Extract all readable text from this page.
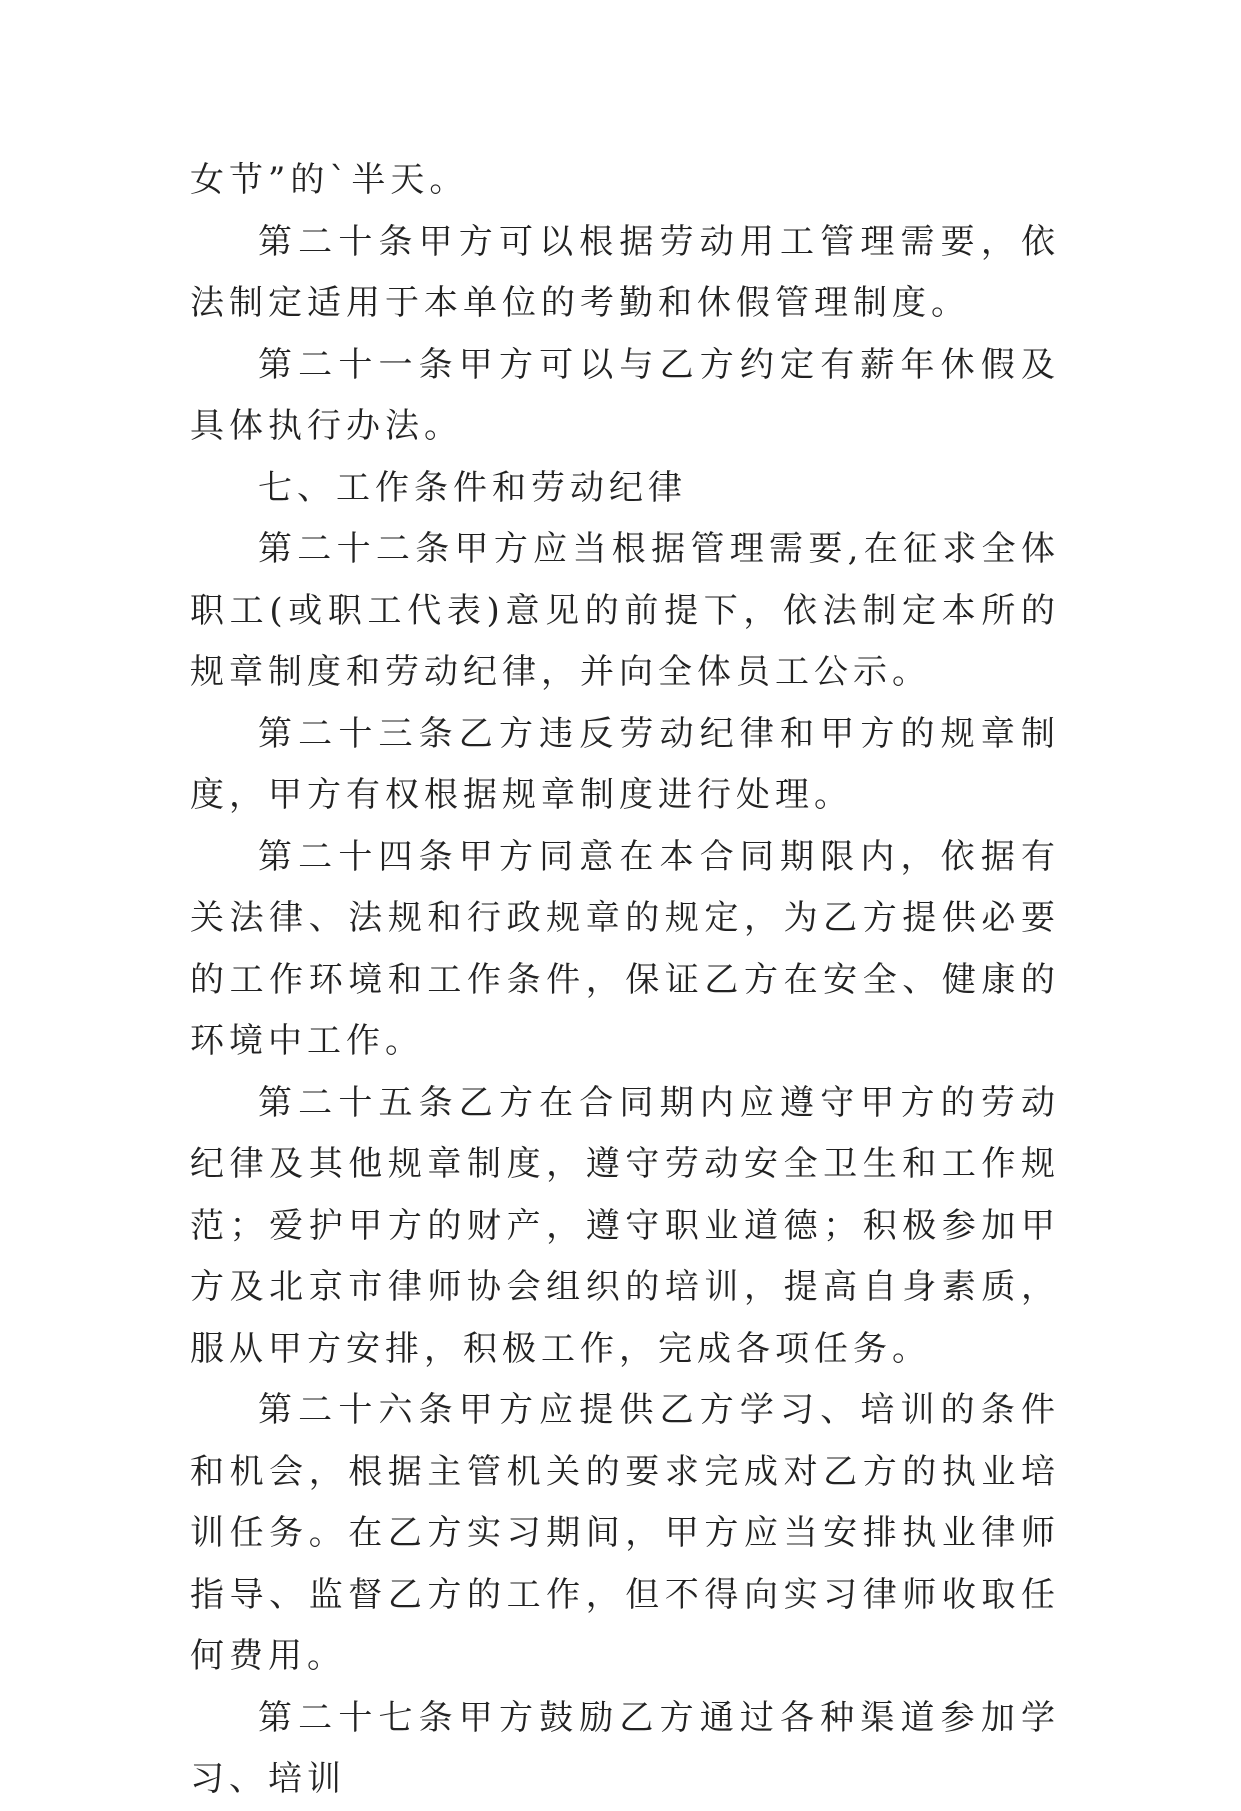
女节”的`半天。

第二十条甲方可以根据劳动用工管理需要，依法制定适用于本单位的考勤和休假管理制度。

第二十一条甲方可以与乙方约定有薪年休假及具体执行办法。

七、工作条件和劳动纪律

第二十二条甲方应当根据管理需要,在征求全体职工(或职工代表)意见的前提下，依法制定本所的规章制度和劳动纪律，并向全体员工公示。

第二十三条乙方违反劳动纪律和甲方的规章制度，甲方有权根据规章制度进行处理。

第二十四条甲方同意在本合同期限内，依据有关法律、法规和行政规章的规定，为乙方提供必要的工作环境和工作条件，保证乙方在安全、健康的环境中工作。

第二十五条乙方在合同期内应遵守甲方的劳动纪律及其他规章制度，遵守劳动安全卫生和工作规范；爱护甲方的财产，遵守职业道德；积极参加甲方及北京市律师协会组织的培训，提高自身素质，服从甲方安排，积极工作，完成各项任务。

第二十六条甲方应提供乙方学习、培训的条件和机会，根据主管机关的要求完成对乙方的执业培训任务。在乙方实习期间，甲方应当安排执业律师指导、监督乙方的工作，但不得向实习律师收取任何费用。

第二十七条甲方鼓励乙方通过各种渠道参加学习、培训
